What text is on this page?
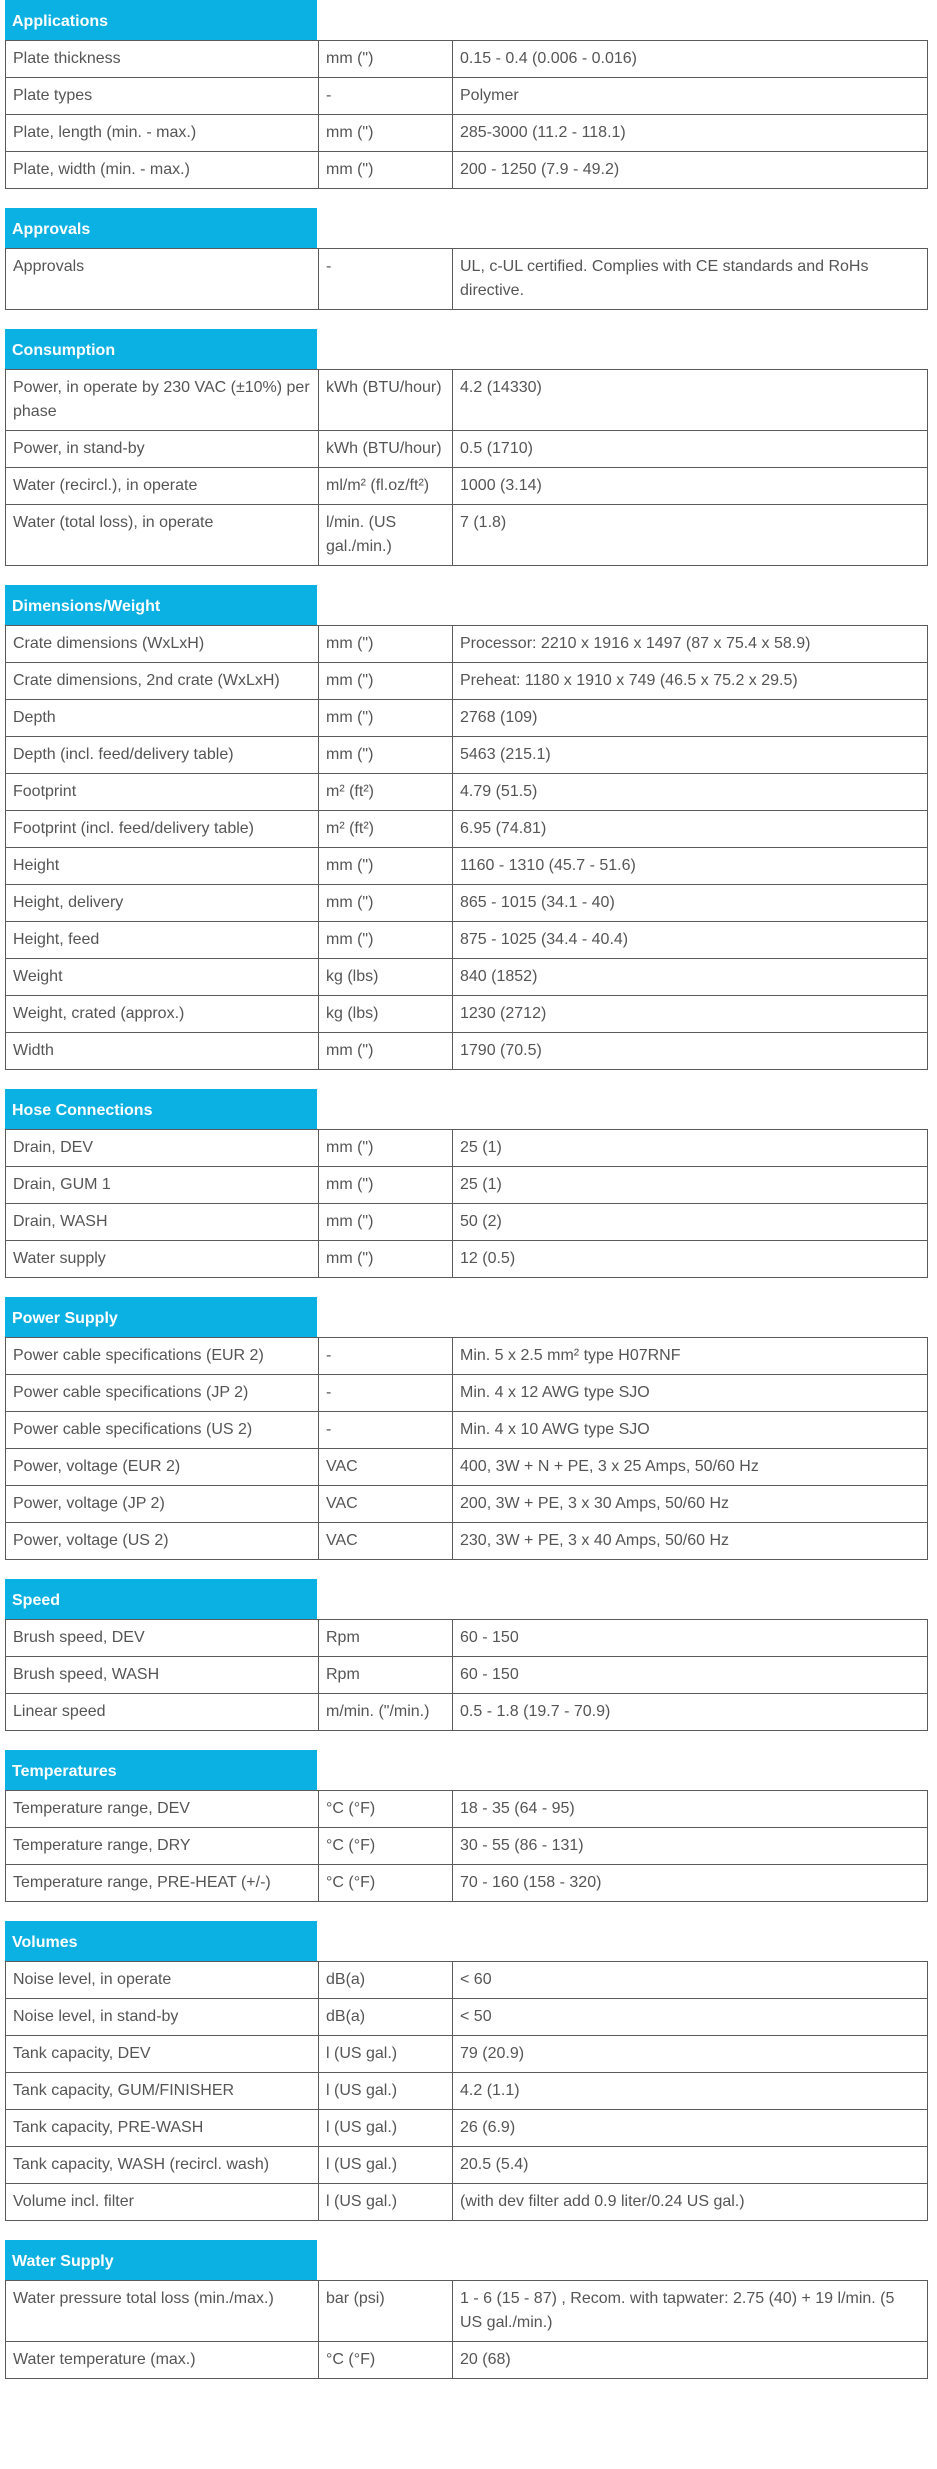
Applications
Plate thickness	mm (")	0.15 - 0.4 (0.006 - 0.016)
Plate types	-	Polymer
Plate, length (min. - max.)	mm (")	285-3000 (11.2 - 118.1)
Plate, width (min. - max.)	mm (")	200 - 1250 (7.9 - 49.2)
Approvals
Approvals	-	UL, c-UL certified. Complies with CE standards and RoHs directive.
Consumption
Power, in operate by 230 VAC (±10%) per phase	kWh (BTU/hour)	4.2 (14330)
Power, in stand-by	kWh (BTU/hour)	0.5 (1710)
Water (recircl.), in operate	ml/m² (fl.oz/ft²)	1000 (3.14)
Water (total loss), in operate	l/min. (US gal./min.)	7 (1.8)
Dimensions/Weight
Crate dimensions (WxLxH)	mm (")	Processor: 2210 x 1916 x 1497 (87 x 75.4 x 58.9)
Crate dimensions, 2nd crate (WxLxH)	mm (")	Preheat: 1180 x 1910 x 749 (46.5 x 75.2 x 29.5)
Depth	mm (")	2768 (109)
Depth (incl. feed/delivery table)	mm (")	5463 (215.1)
Footprint	m² (ft²)	4.79 (51.5)
Footprint (incl. feed/delivery table)	m² (ft²)	6.95 (74.81)
Height	mm (")	1160 - 1310 (45.7 - 51.6)
Height, delivery	mm (")	865 - 1015 (34.1 - 40)
Height, feed	mm (")	875 - 1025 (34.4 - 40.4)
Weight	kg (lbs)	840 (1852)
Weight, crated (approx.)	kg (lbs)	1230 (2712)
Width	mm (")	1790 (70.5)
Hose Connections
Drain, DEV	mm (")	25 (1)
Drain, GUM 1	mm (")	25 (1)
Drain, WASH	mm (")	50 (2)
Water supply	mm (")	12 (0.5)
Power Supply
Power cable specifications (EUR 2)	-	Min. 5 x 2.5 mm² type H07RNF
Power cable specifications (JP 2)	-	Min. 4 x 12 AWG type SJO
Power cable specifications (US 2)	-	Min. 4 x 10 AWG type SJO
Power, voltage (EUR 2)	VAC	400, 3W + N + PE, 3 x 25 Amps, 50/60 Hz
Power, voltage (JP 2)	VAC	200, 3W + PE, 3 x 30 Amps, 50/60 Hz
Power, voltage (US 2)	VAC	230, 3W + PE, 3 x 40 Amps, 50/60 Hz
Speed
Brush speed, DEV	Rpm	60 - 150
Brush speed, WASH	Rpm	60 - 150
Linear speed	m/min. ("/min.)	0.5 - 1.8 (19.7 - 70.9)
Temperatures
Temperature range, DEV	°C (°F)	18 - 35 (64 - 95)
Temperature range, DRY	°C (°F)	30 - 55 (86 - 131)
Temperature range, PRE-HEAT (+/-)	°C (°F)	70 - 160 (158 - 320)
Volumes
Noise level, in operate	dB(a)	< 60
Noise level, in stand-by	dB(a)	< 50
Tank capacity, DEV	l (US gal.)	79 (20.9)
Tank capacity, GUM/FINISHER	l (US gal.)	4.2 (1.1)
Tank capacity, PRE-WASH	l (US gal.)	26 (6.9)
Tank capacity, WASH (recircl. wash)	l (US gal.)	20.5 (5.4)
Volume incl. filter	l (US gal.)	(with dev filter add 0.9 liter/0.24 US gal.)
Water Supply
Water pressure total loss (min./max.)	bar (psi)	1 - 6 (15 - 87) , Recom. with tapwater: 2.75 (40) + 19 l/min. (5 US gal./min.)
Water temperature (max.)	°C (°F)	20 (68)
